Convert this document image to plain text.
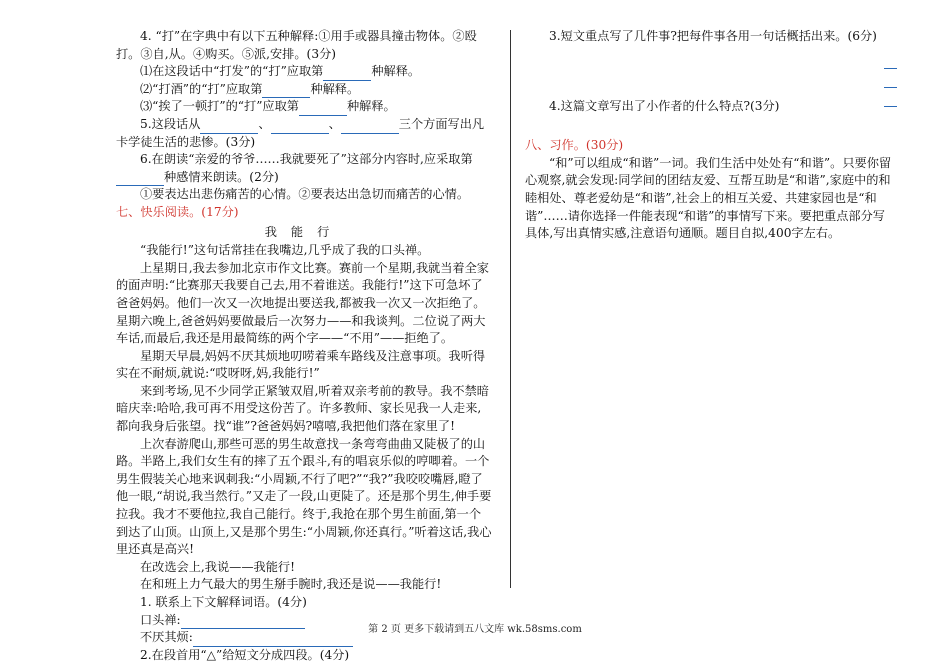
4. “打”在字典中有以下五种解释:①用手或器具撞击物体。②殴打。③自,从。④购买。⑤派,安排。(3分)

⑴在这段话中“打发”的“打”应取第	种解释。

⑵“打酒”的“打”应取第	种解释。

⑶“挨了一顿打”的“打”应取第	种解释。

5.这段话从	、	、	三个方面写出凡卡学徒生活的悲惨。(3分)

6.在朗读“亲爱的爷爷……我就要死了”这部分内容时,应采取第种感情来朗读。(2分)

①要表达出悲伤痛苦的心情。②要表达出急切而痛苦的心情。

七、快乐阅读。(17分)

我能行

“我能行!”这句话常挂在我嘴边,几乎成了我的口头禅。

上星期日,我去参加北京市作文比赛。赛前一个星期,我就当着全家的面声明:“比赛那天我要自己去,用不着谁送。我能行!”这下可急坏了爸爸妈妈。他们一次又一次地提出要送我,都被我一次又一次拒绝了。星期六晚上,爸爸妈妈要做最后一次努力——和我谈判。二位说了两大车话,而最后,我还是用最简练的两个字——“不用”——拒绝了。

星期天早晨,妈妈不厌其烦地叨唠着乘车路线及注意事项。我听得实在不耐烦,就说:“哎呀呀,妈,我能行!”

来到考场,见不少同学正紧皱双眉,听着双亲考前的教导。我不禁暗暗庆幸:哈哈,我可再不用受这份苦了。许多教师、家长见我一人走来,都向我身后张望。找“谁”?爸爸妈妈?嘻嘻,我把他们落在家里了!

上次春游爬山,那些可恶的男生故意找一条弯弯曲曲又陡极了的山路。半路上,我们女生有的摔了五个跟斗,有的唱哀乐似的哼唧着。一个男生假装关心地来讽刺我:“小周颖,不行了吧?”“我?”我咬咬嘴唇,瞪了他一眼,“胡说,我当然行。”又走了一段,山更陡了。还是那个男生,伸手要拉我。我才不要他拉,我自己能行。终于,我抢在那个男生前面,第一个到达了山顶。山顶上,又是那个男生:“小周颖,你还真行。”听着这话,我心里还真是高兴!

在改选会上,我说——我能行!

在和班上力气最大的男生掰手腕时,我还是说——我能行!

1. 联系上下文解释词语。(4分)

口头禅:

不厌其烦:

2.在段首用“△”给短文分成四段。(4分)

3.短文重点写了几件事?把每件事各用一句话概括出来。(6分)

4.这篇文章写出了小作者的什么特点?(3分)

八、习作。(30分)

“和”可以组成“和谐”一词。我们生活中处处有“和谐”。只要你留心观察,就会发现:同学间的团结友爱、互帮互助是“和谐”,家庭中的和睦相处、尊老爱幼是“和谐”,社会上的相互关爱、共建家园也是“和谐”……请你选择一件能表现“和谐”的事情写下来。要把重点部分写具体,写出真情实感,注意语句通顺。题目自拟,400字左右。

第 2 页 更多下载请到五八文库 wk.58sms.com
